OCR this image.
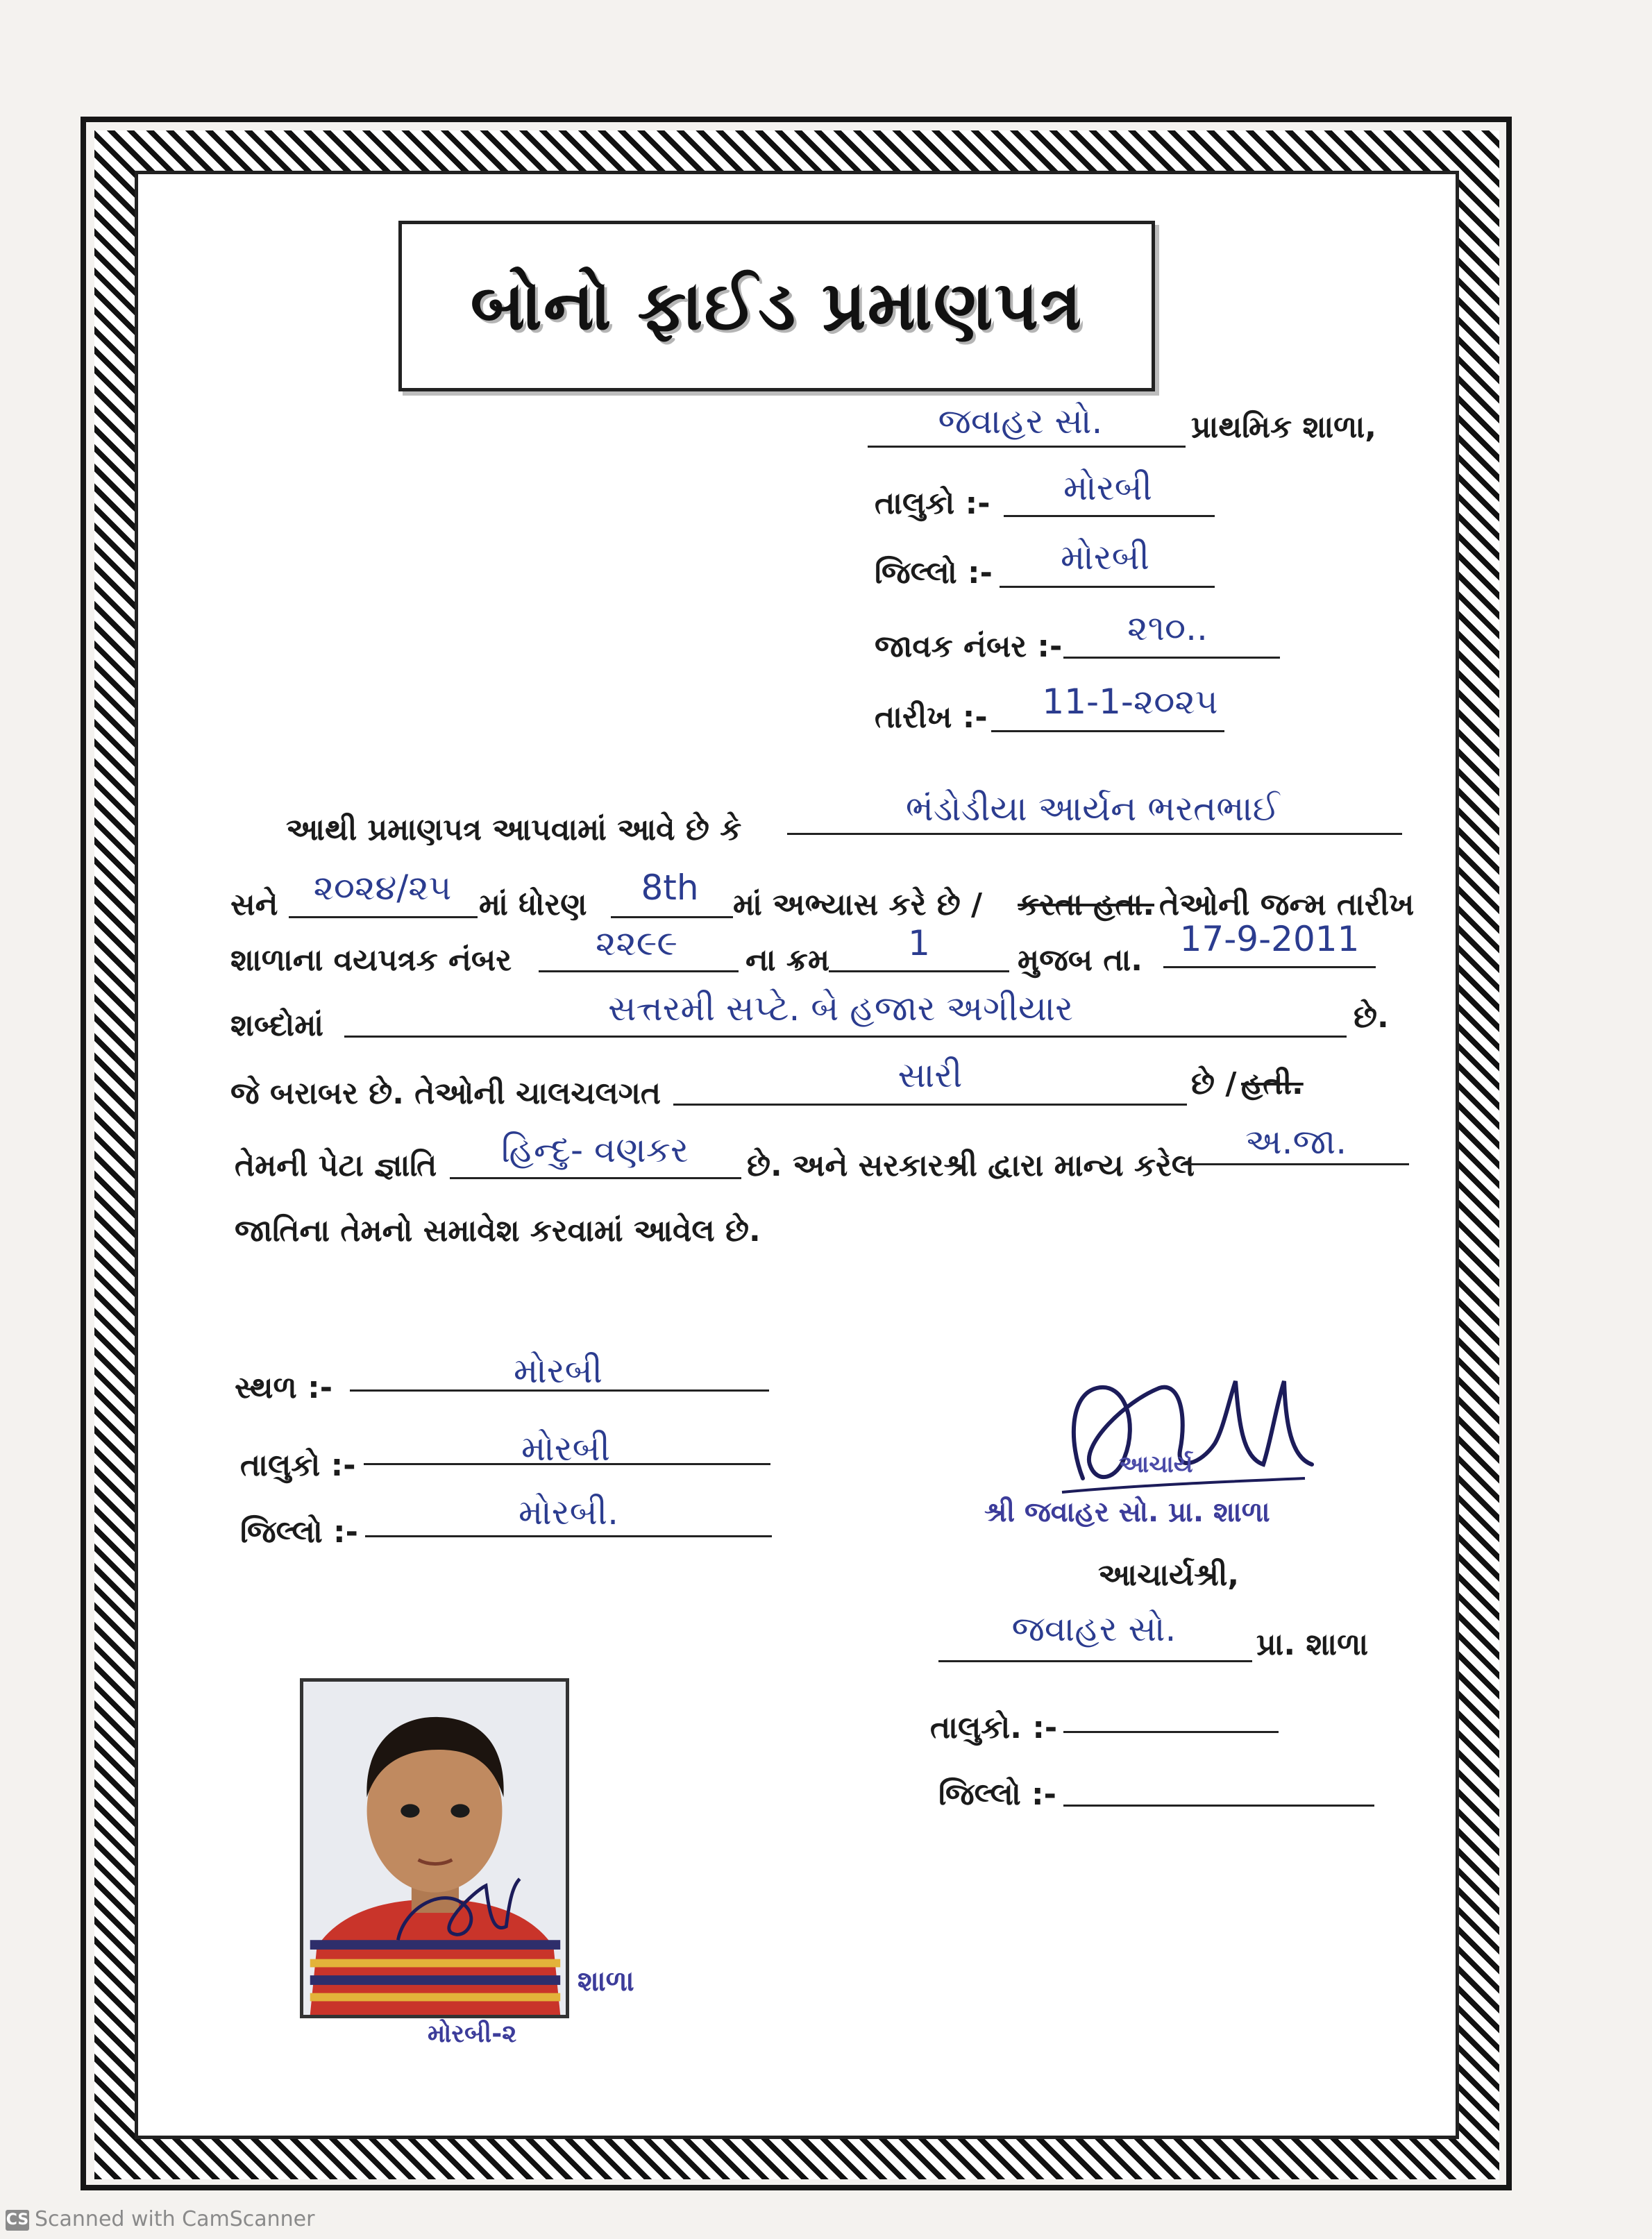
બોનો ફાઈડ પ્રમાણપત્ર
જવાહર સો.	પ્રાથમિક શાળા,
તાલુકો :-	મોરબી
જિલ્લો :-	મોરબી
જાવક નંબર :-	૨૧૦..
તારીખ :-	11-1-૨૦૨૫
આથી પ્રમાણપત્ર આપવામાં આવે છે કે
ભંડોડીયા આર્યન ભરતભાઈ
સને	૨૦૨૪/૨૫ માં ધોરણ	8th	માં અભ્યાસ કરે છે / કરતા હતા. તેઓની જન્મ તારીખ
શાળાના વયપત્રક નંબર	૨૨૯૯	ના ક્રમ	1	મુજબ તા.
17-9-2011
શબ્દોમાં	સત્તરમી સપ્ટે. બે હજાર અગીયાર	છે.
જે બરાબર છે. તેઓની ચાલચલગત	સારી	છે / હતી.
તેમની પેટા જ્ઞાતિ	હિન્દુ- વણકર	છે. અને સરકારશ્રી દ્વારા માન્ય કરેલ
અ.જા.
જાતિના તેમનો સમાવેશ કરવામાં આવેલ છે.
સ્થળ :-	મોરબી
તાલુકો :-	મોરબી
જિલ્લો :-	મોરબી.
આચાર્ય
શ્રી જવાહર સો. પ્રા. શાળા
આચાર્યશ્રી,
જવાહર સો.	પ્રા. શાળા
તાલુકો. :-
જિલ્લો :-
શાળા
મોરબી-૨
CS Scanned with CamScanner
